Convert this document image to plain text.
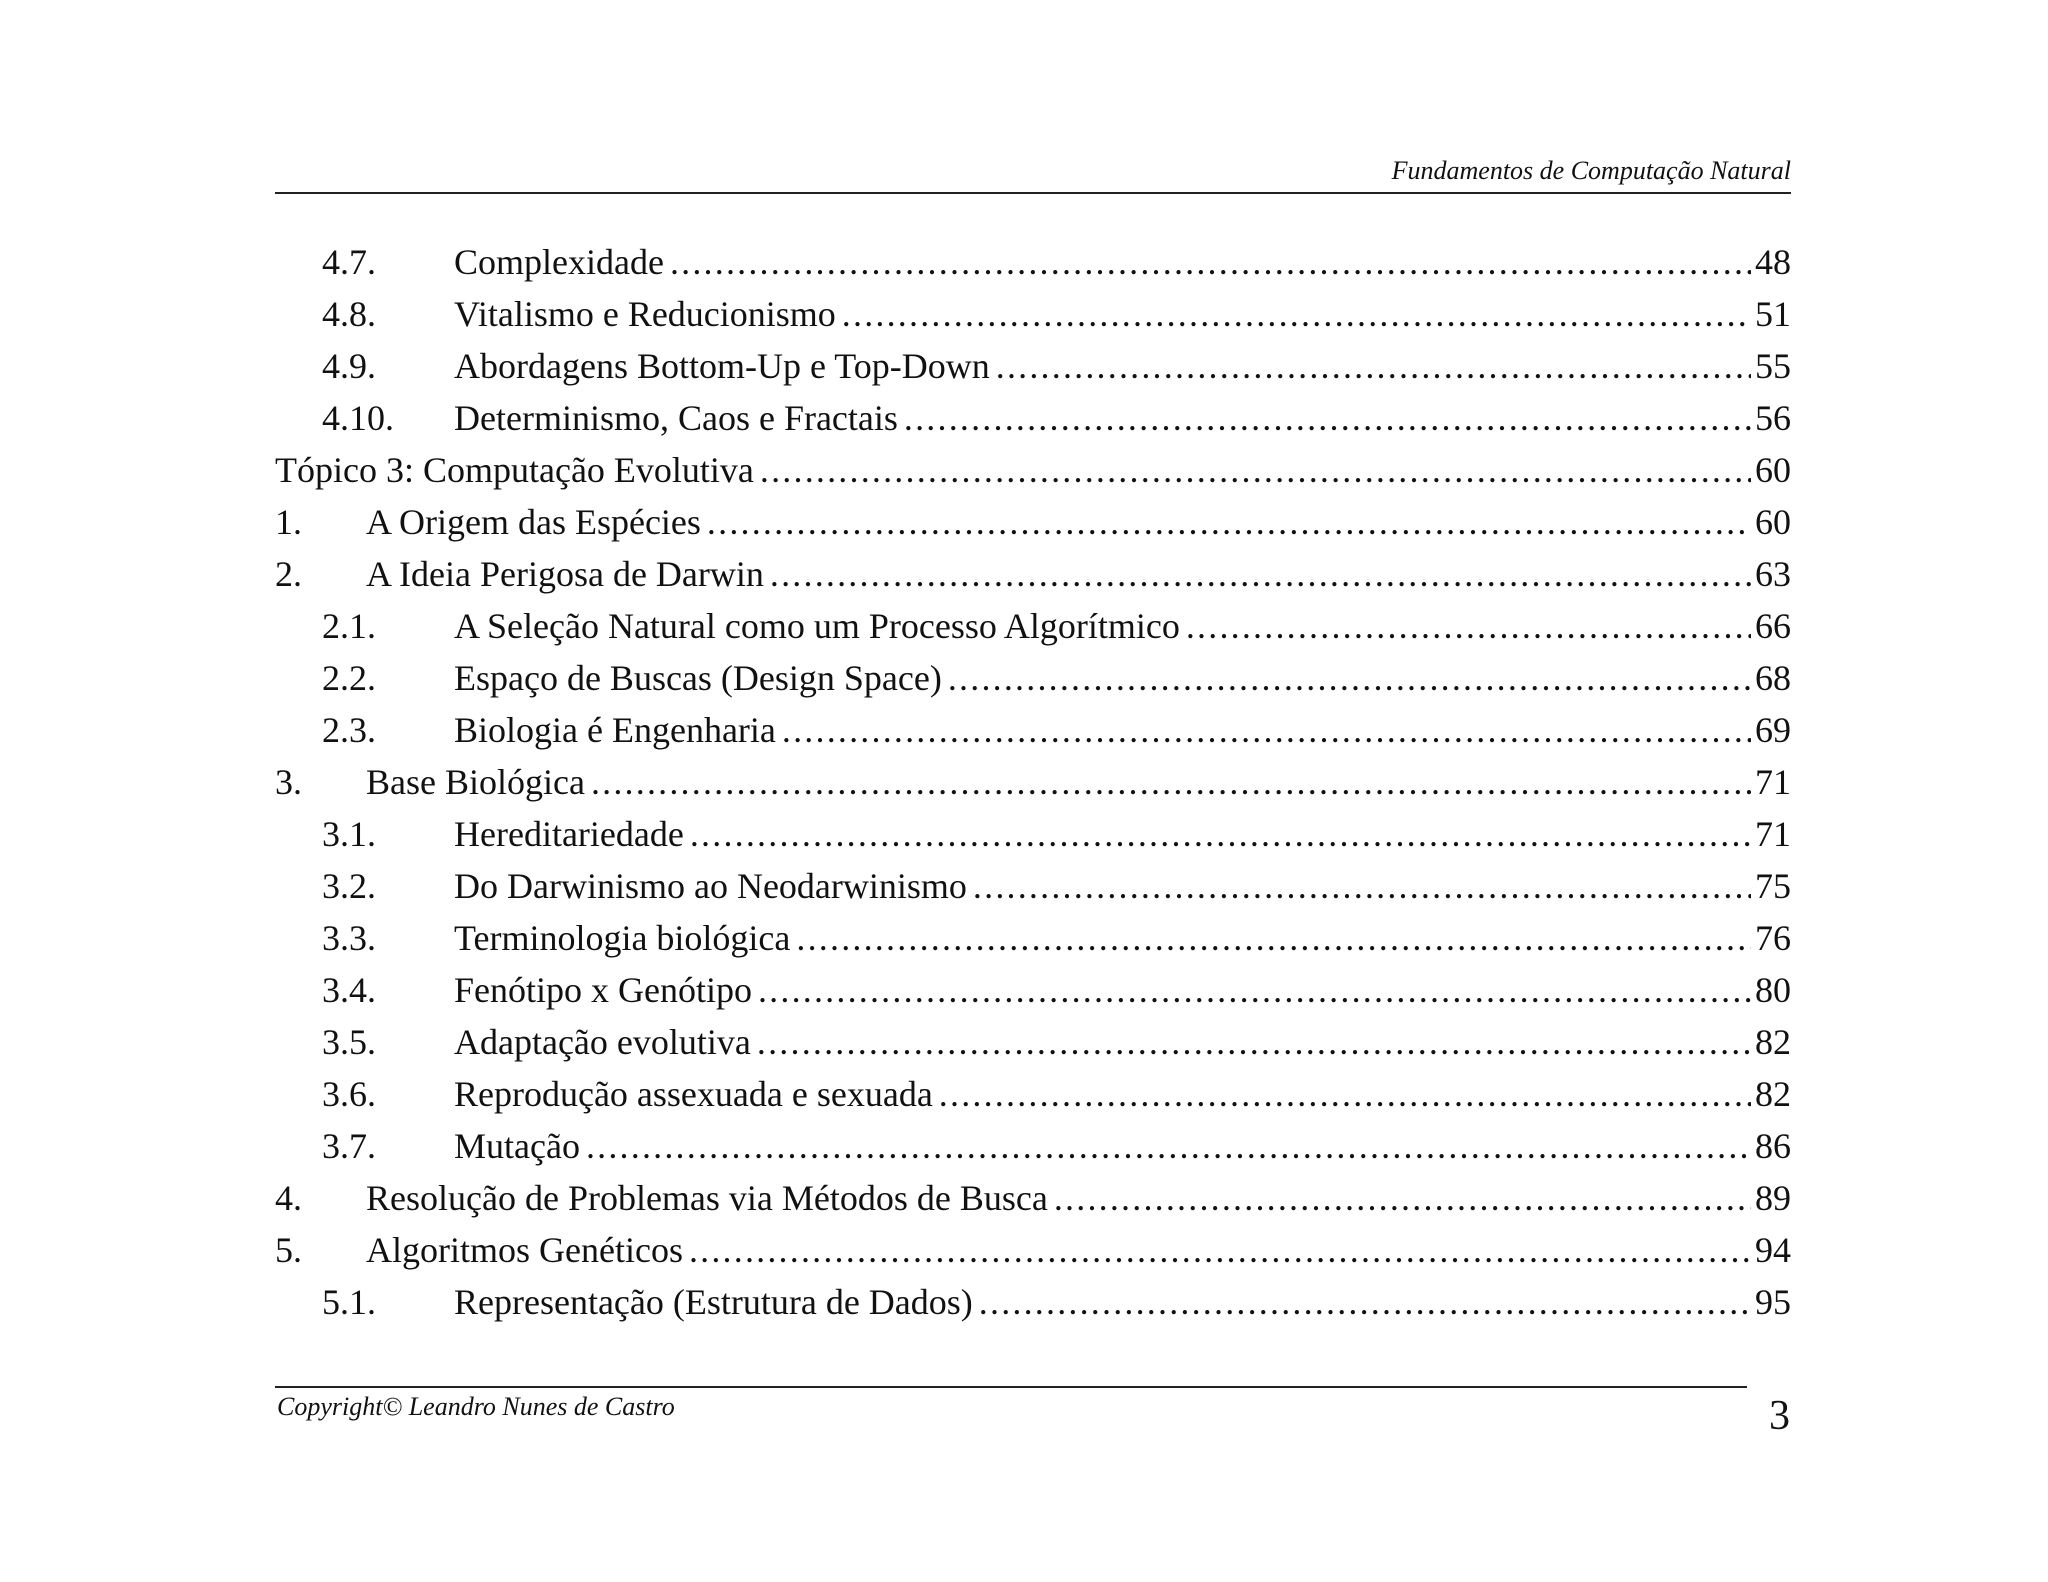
Fundamentos de Computação Natural
4.7. Complexidade .....	48
4.8. Vitalismo e Reducionismo .....	51
4.9. Abordagens Bottom-Up e Top-Down .....	55
4.10. Determinismo, Caos e Fractais .....	56
Tópico 3: Computação Evolutiva .....	60
1. A Origem das Espécies .....	60
2. A Ideia Perigosa de Darwin .....	63
2.1. A Seleção Natural como um Processo Algorítmico .....	66
2.2. Espaço de Buscas (Design Space) .....	68
2.3. Biologia é Engenharia .....	69
3. Base Biológica .....	71
3.1. Hereditariedade .....	71
3.2. Do Darwinismo ao Neodarwinismo .....	75
3.3. Terminologia biológica .....	76
3.4. Fenótipo x Genótipo .....	80
3.5. Adaptação evolutiva .....	82
3.6. Reprodução assexuada e sexuada .....	82
3.7. Mutação .....	86
4. Resolução de Problemas via Métodos de Busca .....	89
5. Algoritmos Genéticos .....	94
5.1. Representação (Estrutura de Dados) .....	95
Copyright© Leandro Nunes de Castro	3
